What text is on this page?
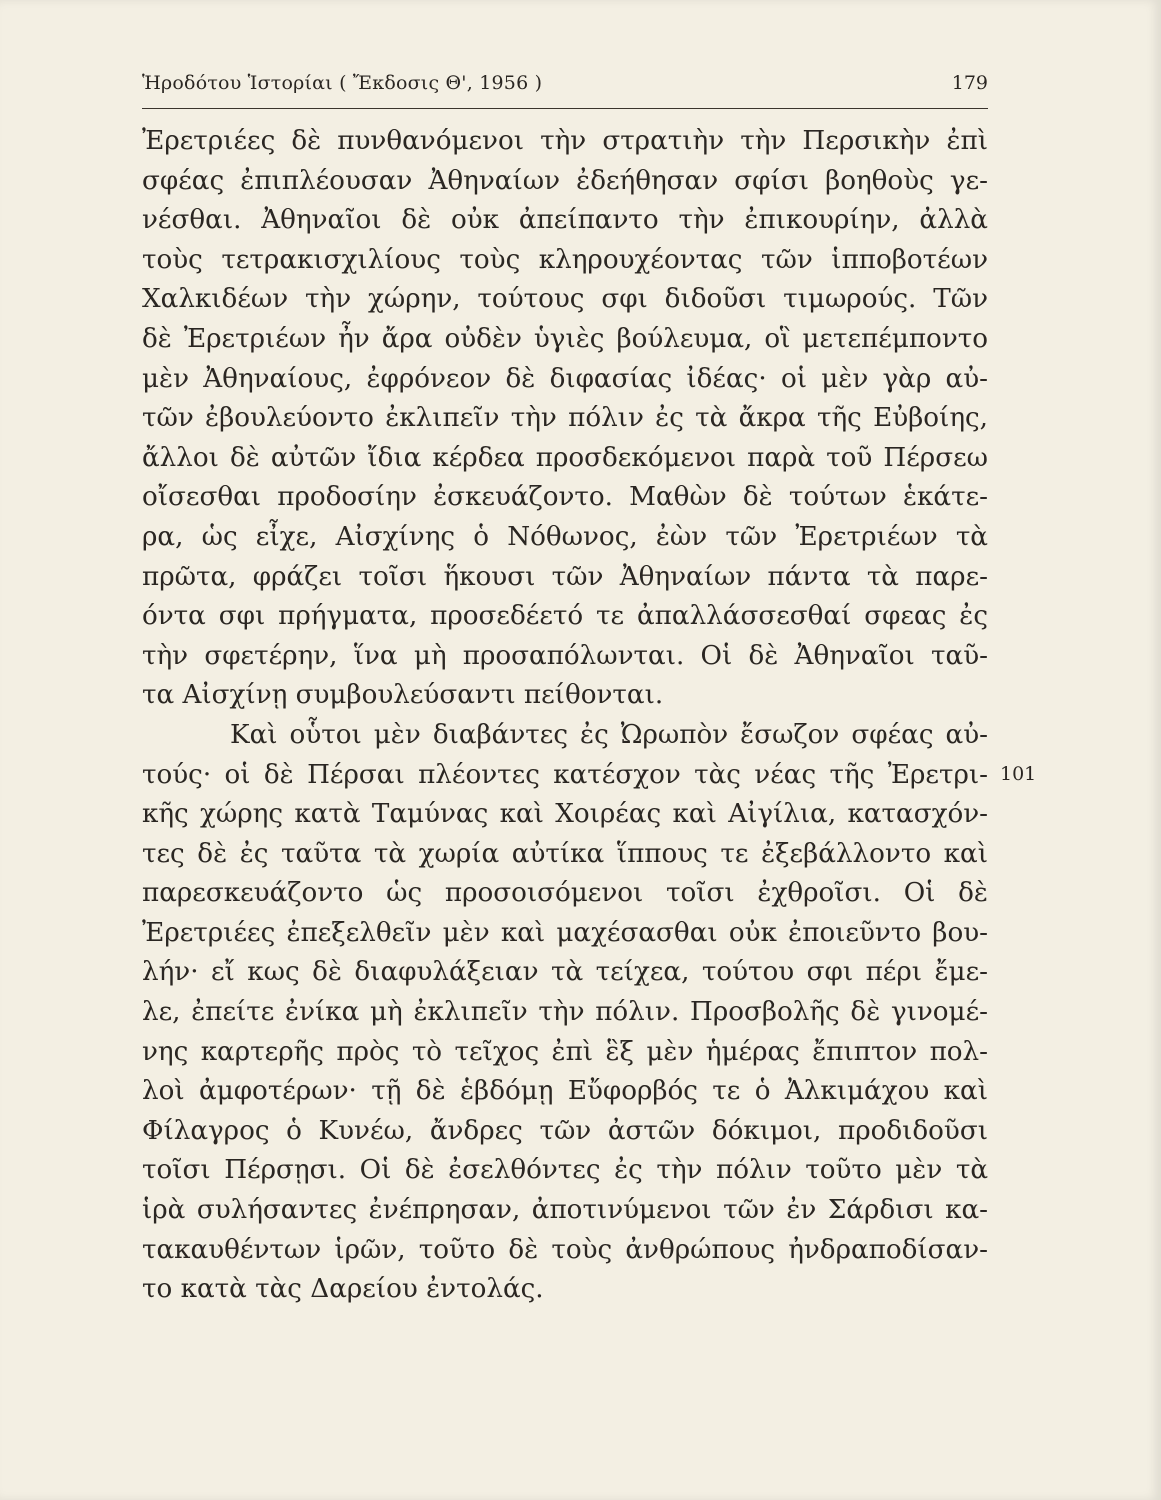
Ἡροδότου Ἱστορίαι ( Ἔκδοσις Θ', 1956 )	179
Ἐρετριέες δὲ πυνθανόμενοι τὴν στρατιὴν τὴν Περσικὴν ἐπὶ
σφέας ἐπιπλέουσαν Ἀθηναίων ἐδεήθησαν σφίσι βοηθοὺς γε-
νέσθαι. Ἀθηναῖοι δὲ οὐκ ἀπείπαντο τὴν ἐπικουρίην, ἀλλὰ
τοὺς τετρακισχιλίους τοὺς κληρουχέοντας τῶν ἱπποβοτέων
Χαλκιδέων τὴν χώρην, τούτους σφι διδοῦσι τιμωρούς. Τῶν
δὲ Ἐρετριέων ἦν ἄρα οὐδὲν ὑγιὲς βούλευμα, οἳ μετεπέμποντο
μὲν Ἀθηναίους, ἐφρόνεον δὲ διφασίας ἰδέας· οἱ μὲν γὰρ αὐ-
τῶν ἐβουλεύοντο ἐκλιπεῖν τὴν πόλιν ἐς τὰ ἄκρα τῆς Εὐβοίης,
ἄλλοι δὲ αὐτῶν ἴδια κέρδεα προσδεκόμενοι παρὰ τοῦ Πέρσεω
οἴσεσθαι προδοσίην ἐσκευάζοντο. Μαθὼν δὲ τούτων ἑκάτε-
ρα, ὡς εἶχε, Αἰσχίνης ὁ Νόθωνος, ἐὼν τῶν Ἐρετριέων τὰ
πρῶτα, φράζει τοῖσι ἥκουσι τῶν Ἀθηναίων πάντα τὰ παρε-
όντα σφι πρήγματα, προσεδέετό τε ἀπαλλάσσεσθαί σφεας ἐς
τὴν σφετέρην, ἵνα μὴ προσαπόλωνται. Οἱ δὲ Ἀθηναῖοι ταῦ-
τα Αἰσχίνῃ συμβουλεύσαντι πείθονται.
Καὶ οὗτοι μὲν διαβάντες ἐς Ὠρωπὸν ἔσωζον σφέας αὐ-
τούς· οἱ δὲ Πέρσαι πλέοντες κατέσχον τὰς νέας τῆς Ἐρετρι-
κῆς χώρης κατὰ Ταμύνας καὶ Χοιρέας καὶ Αἰγίλια, κατασχόν-
τες δὲ ἐς ταῦτα τὰ χωρία αὐτίκα ἵππους τε ἐξεβάλλοντο καὶ
παρεσκευάζοντο ὡς προσοισόμενοι τοῖσι ἐχθροῖσι. Οἱ δὲ
Ἐρετριέες ἐπεξελθεῖν μὲν καὶ μαχέσασθαι οὐκ ἐποιεῦντο βου-
λήν· εἴ κως δὲ διαφυλάξειαν τὰ τείχεα, τούτου σφι πέρι ἔμε-
λε, ἐπείτε ἐνίκα μὴ ἐκλιπεῖν τὴν πόλιν. Προσβολῆς δὲ γινομέ-
νης καρτερῆς πρὸς τὸ τεῖχος ἐπὶ ἓξ μὲν ἡμέρας ἔπιπτον πολ-
λοὶ ἀμφοτέρων· τῇ δὲ ἑβδόμῃ Εὔφορβός τε ὁ Ἀλκιμάχου καὶ
Φίλαγρος ὁ Κυνέω, ἄνδρες τῶν ἀστῶν δόκιμοι, προδιδοῦσι
τοῖσι Πέρσῃσι. Οἱ δὲ ἐσελθόντες ἐς τὴν πόλιν τοῦτο μὲν τὰ
ἱρὰ συλήσαντες ἐνέπρησαν, ἀποτινύμενοι τῶν ἐν Σάρδισι κα-
τακαυθέντων ἱρῶν, τοῦτο δὲ τοὺς ἀνθρώπους ἠνδραποδίσαν-
το κατὰ τὰς Δαρείου ἐντολάς.
101
